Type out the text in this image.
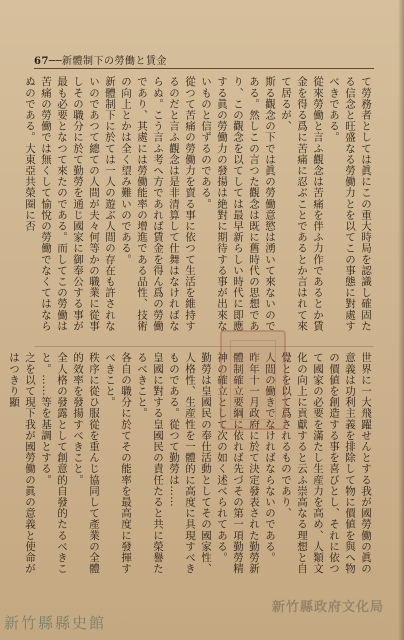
67──新體制下の勞働と賃金

て勞務者としては眞にこの重大時局を認識し確固たる信念と旺盛なる勞働力とを以てこの事態に對處すべきである。

從來勞働と言ふ觀念は苦痛を伴ふ力作であるとか賃金を得る爲に苦痛に忍ぶことであるとか言はれて來て居るが、

斯る觀念の下では眞の勞働意慾は湧いて來ないのである。然しこの言つた觀念は既に舊時代の思想であり、この觀念を以てしては最早新らしい時代に即應する眞の勞働力の發揚は絶對に期待する事が出來ないものと信ずるのである。

從つて苦痛の勞働力を賣る事に依つて生活を維持するのだと言ふ觀念は是非清算して仕舞はなければならぬ。こう言ふ考へ方であれば賃金を得ん爲の勞働であり、其處には勞働能率の增進である品性、技術の向上とかは全く望み難いのである。

新體制下に於ては一人の遊ぶ人間の存在も許されないのであつて總ての人間が夫々何等かの職業に從事しその職分に於て勤勞を通じ國家に御奉公する事が最も必要となつて來たのである。而してこの勞働は苦痛の勞働では無くして愉悅の勞働でなくてはならぬのである。大東亞共榮圈に否

世界に一大飛躍せんとする我が國勞働の眞の意義は功利主義を排除して物に價値を與へ物の價値を創造する事を喜びとし、それに依つて國家の必要を滿たし生産力を高め、人類文化の向上に貢獻すると云ふ崇高なる理想と自覺とを以て爲されるものであり、

人間の働きでなければならないのである。

昨年十一月政府に於て決定發表された勤勞新體制確立要綱に依れば先づその第一項勤勞精神の確立として次の如く述べられてある。

勤勞は皇國民の奉仕活動としてその國家性、人格性、生産性を一體的に高度に具現すべきものである。從つて勤勞は……

皇國に對する皇國民の責任たると共に榮譽たるべきこと。

各自の職分に於てその能率を最高度に發揮すべきこと。

秩序に從ひ服從を重んじ協同して產業の全體的效率を發揚すべきこと。

全人格の發露として創意的自發的たるべきこと。……等を基調とする。

之を以て現下我が國勞働の眞の意義と使命がはつきり顯

新竹縣縣史館
新竹縣政府文化局
